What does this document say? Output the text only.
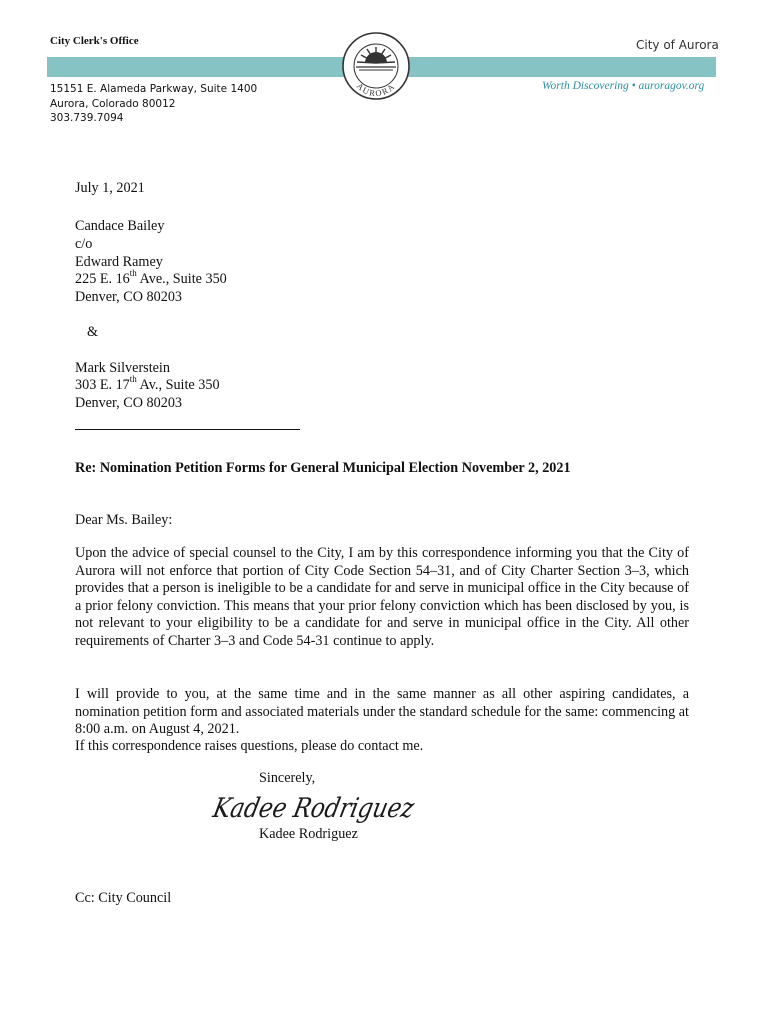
City Clerk's Office	City of Aurora
Worth Discovering • auroragov.org
15151 E. Alameda Parkway, Suite 1400
Aurora, Colorado 80012
303.739.7094
AURORA
July 1, 2021
Candace Bailey
c/o
Edward Ramey
225 E. 16th Ave., Suite 350
Denver, CO 80203
&
Mark Silverstein
303 E. 17th Av., Suite 350
Denver, CO 80203
Re: Nomination Petition Forms for General Municipal Election November 2, 2021
Dear Ms. Bailey:
Upon the advice of special counsel to the City, I am by this correspondence informing you that the City of Aurora will not enforce that portion of City Code Section 54–31, and of City Charter Section 3–3, which provides that a person is ineligible to be a candidate for and serve in municipal office in the City because of a prior felony conviction. This means that your prior felony conviction which has been disclosed by you, is not relevant to your eligibility to be a candidate for and serve in municipal office in the City. All other requirements of Charter 3–3 and Code 54-31 continue to apply.
I will provide to you, at the same time and in the same manner as all other aspiring candidates, a nomination petition form and associated materials under the standard schedule for the same: commencing at 8:00 a.m. on August 4, 2021.
If this correspondence raises questions, please do contact me.
Sincerely,
Kadee Rodriguez
Kadee Rodriguez
Cc: City Council
